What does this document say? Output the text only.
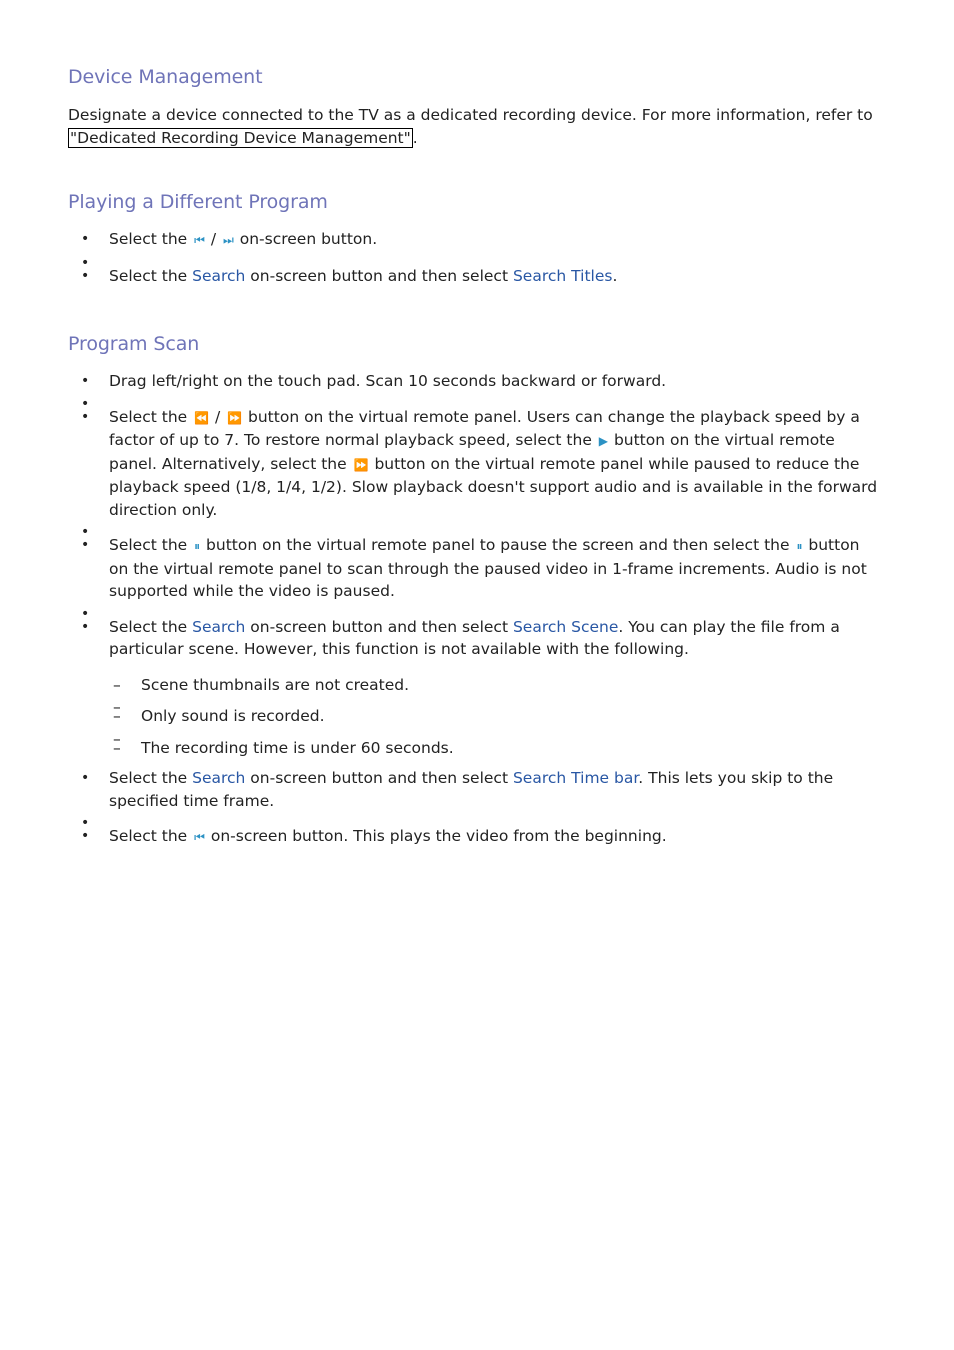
Device Management

Designate a device connected to the TV as a dedicated recording device. For more information, refer to "Dedicated Recording Device Management" .

Playing a Different Program
• Select the ⏮ / ⏭ on-screen button.
•
• Select the Search on-screen button and then select Search Titles.
Program Scan
• Drag left/right on the touch pad. Scan 10 seconds backward or forward.
•
• Select the ⏪ / ⏩ button on the virtual remote panel. Users can change the playback speed by a factor of up to 7. To restore normal playback speed, select the ▶ button on the virtual remote panel. Alternatively, select the ⏩ button on the virtual remote panel while paused to reduce the playback speed (1/8, 1/4, 1/2). Slow playback doesn't support audio and is available in the forward direction only.
•
• Select the ⏸ button on the virtual remote panel to pause the screen and then select the ⏸ button on the virtual remote panel to scan through the paused video in 1-frame increments. Audio is not supported while the video is paused.
•
• Select the Search on-screen button and then select Search Scene. You can play the file from a particular scene. However, this function is not available with the following.
– Scene thumbnails are not created.
–
– Only sound is recorded.
–
– The recording time is under 60 seconds.
• Select the Search on-screen button and then select Search Time bar. This lets you skip to the specified time frame.
•
• Select the ⏮ on-screen button. This plays the video from the beginning.
